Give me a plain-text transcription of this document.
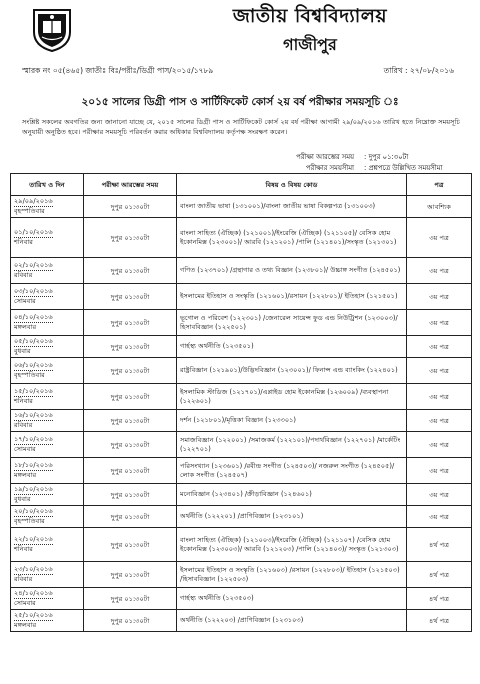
জাতীয় বিশ্ববিদ্যালয়
গাজীপুর
স্মারক নং ০৫(৪৬৫) জাতীঃ বিঃ/পরীঃ/ডিগ্রী পাস/২০১৫/১৭৮৯	তারিখ : ২৭/০৮/২০১৬
২০১৫ সালের ডিগ্রী পাস ও সার্টিফিকেট কোর্স ২য় বর্ষ পরীক্ষার সময়সূচি ঃ
সংশ্লিষ্ট সকলের অবগতির জন্য জানানো যাচ্ছে যে, ২০১৫ সালের ডিগ্রী পাস ও সার্টিফিকেট কোর্স ২য় বর্ষ পরীক্ষা আগামী ২৯/০৯/২০১৬ তারিখ হতে নিম্নোক্ত সময়সূচি অনুযায়ী অনুষ্ঠিত হবে। পরীক্ষার সময়সূচি পরিবর্তন করার অধিকার বিশ্ববিদ্যালয় কর্তৃপক্ষ সংরক্ষণ করেন।
পরীক্ষা আরম্ভের সময় : দুপুর ০১:৩০টা
পরীক্ষার সময়সীমা : প্রশ্নপত্রে উল্লিখিত সময়সীমা
তারিখ ও দিন	পরীক্ষা আরম্ভের সময়	বিষয় ও বিষয় কোড	পত্র
২৯/০৯/২০১৬
বৃহস্পতিবার	দুপুর ০১:৩০টা	বাংলা জাতীয় ভাষা (১৩১০০১)/বাংলা জাতীয় ভাষা বিকল্পপত্র (১৩১০০৩)	আবশ্যিক
০১/১০/২০১৬
শনিবার	দুপুর ০১:৩০টা	বাংলা সাহিত্য (ঐচ্ছিক) (১২১০০১)/ইংরেজি (ঐচ্ছিক) (১২১১০৫)/ বেসিক হোম ইকোনমিক্স (১২৩০০১)/ আরবি (১২১২০১) /পালি (১২১৪০১)/সংস্কৃত (১২১৩০১)	৩য় পত্র
০২/১০/২০১৬
রবিবার	দুপুর ০১:৩০টা	গণিত (১২৩৭০১) /গ্রন্থাগার ও তথ্য বিজ্ঞান (১২৩৮০১)/ উচ্চাঙ্গ সংগীত (১২৪৫০১)	৩য় পত্র
০৩/১০/২০১৬
সোমবার	দুপুর ০১:৩০টা	ইসলামের ইতিহাস ও সংস্কৃতি (১২১৬০১)/রসায়ন (১২২৮০১)/ ইতিহাস (১২১৫০১)	৩য় পত্র
০৪/১০/২০১৬
মঙ্গলবার	দুপুর ০১:৩০টা	ভূগোল ও পরিবেশ (১২২৩০১) /জেনারেল সায়েন্স ফুড এন্ড নিউট্রিশন (১২৩০০৩)/ হিসাববিজ্ঞান (১২২৫০১)	৩য় পত্র
০৫/১০/২০১৬
বুধবার	দুপুর ০১:৩০টা	গার্হস্থ্য অর্থনীতি (১২৩৫০১)	৩য় পত্র
০৬/১০/২০১৬
বৃহস্পতিবার	দুপুর ০১:৩০টা	রাষ্ট্রবিজ্ঞান (১২১৯০১)/উদ্ভিদবিজ্ঞান (১২৩০০১)/ ফিনান্স এন্ড ব্যাংকিং (১২২৪০১)	৩য় পত্র
১৫/১০/২০১৬
শনিবার	দুপুর ০১:৩০টা	ইসলামিক স্টাডিজ (১২১৭০১)/এপ্লাইড হোম ইকোনমিক্স (১২৬০০৯) /ব্যবস্থাপনা (১২২৬০১)	৩য় পত্র
১৬/১০/২০১৬
রবিবার	দুপুর ০১:৩০টা	দর্শন (১২১৮০১)/মৃত্তিকা বিজ্ঞান (১২৩৩০১)	৩য় পত্র
১৭/১০/২০১৬
সোমবার	দুপুর ০১:৩০টা	সমাজবিজ্ঞান (১২২০০১) /সমাজকর্ম (১২২১০১)/পদার্থবিজ্ঞান (১২২৭০১) /মার্কেটিং (১২২৭০১)	৩য় পত্র
১৮/১০/২০১৬
মঙ্গলবার	দুপুর ০১:৩০টা	পরিসংখ্যান (১২৩৬০১) /রবীন্দ্র সংগীত (১২৪৫০৩)/ নজরুল সংগীত (১২৪৫০৫)/লোক সংগীত (১২৪৫০৭)	৩য় পত্র
১৯/১০/২০১৬
বুধবার	দুপুর ০১:৩০টা	মনোবিজ্ঞান (১২৩৪০১) /ক্রীড়াবিজ্ঞান (১২৪৬০১)	৩য় পত্র
২০/১০/২০১৬
বৃহস্পতিবার	দুপুর ০১:৩০টা	অর্থনীতি (১২২২০১) /প্রাণিবিজ্ঞান (১২৩১০১)	৩য় পত্র
২২/১০/২০১৬
শনিবার	দুপুর ০১:৩০টা	বাংলা সাহিত্য (ঐচ্ছিক) (১২১০০৩)/ইংরেজি (ঐচ্ছিক) (১২১১০৭) /বেসিক হোম ইকোনমিক্স (১২৩০০৩)/ আরবি (১২১২০৩) /পালি (১২১৪০৩)/ সংস্কৃত (১২১৩০৩)	৪র্থ পত্র
২৩/১০/২০১৬
রবিবার	দুপুর ০১:৩০টা	ইসলামের ইতিহাস ও সংস্কৃতি (১২১৬০৩) /রসায়ন (১২২৮০৩)/ ইতিহাস (১২১৫০৩) /হিসাববিজ্ঞান (১২২৫০৩)	৪র্থ পত্র
২৪/১০/২০১৬
সোমবার	দুপুর ০১:৩০টা	গার্হস্থ্য অর্থনীতি (১২৩৫০৩)	৪র্থ পত্র
২৫/১০/২০১৬
মঙ্গলবার	দুপুর ০১:৩০টা	অর্থনীতি (১২২২০৩) /প্রাণিবিজ্ঞান (১২৩১০৩)	৪র্থ পত্র
